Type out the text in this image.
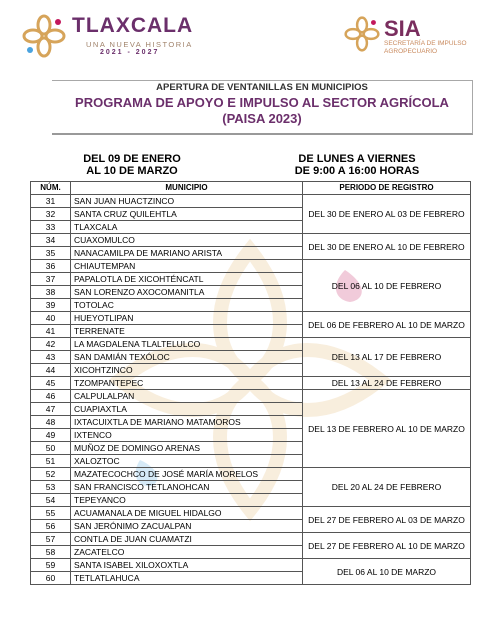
TLAXCALA
UNA NUEVA HISTORIA
2021 - 2027
SIA
SECRETARÍA DE IMPULSO AGROPECUARIO
APERTURA DE VENTANILLAS EN MUNICIPIOS
PROGRAMA DE APOYO E IMPULSO AL SECTOR AGRÍCOLA
(PAISA 2023)
DEL 09 DE ENERO
AL 10 DE MARZO
DE LUNES A VIERNES
DE 9:00 A 16:00 HORAS
NÚM.	MUNICIPIO	PERIODO DE REGISTRO
31	SAN JUAN HUACTZINCO	DEL 30 DE ENERO AL 03 DE FEBRERO
32	SANTA CRUZ QUILEHTLA	
33	TLAXCALA	
34	CUAXOMULCO	DEL 30 DE ENERO AL 10 DE FEBRERO
35	NANACAMILPA DE MARIANO ARISTA	
36	CHIAUTEMPAN	DEL 06 AL 10 DE FEBRERO
37	PAPALOTLA DE XICOHTÉNCATL	
38	SAN LORENZO AXOCOMANITLA	
39	TOTOLAC	
40	HUEYOTLIPAN	DEL 06 DE FEBRERO AL 10 DE MARZO
41	TERRENATE	
42	LA MAGDALENA TLALTELULCO	DEL 13 AL 17 DE FEBRERO
43	SAN DAMIÁN TEXÓLOC	
44	XICOHTZINCO	
45	TZOMPANTEPEC	DEL 13 AL 24 DE FEBRERO
46	CALPULALPAN	DEL 13 DE FEBRERO AL 10 DE MARZO
47	CUAPIAXTLA	
48	IXTACUIXTLA DE MARIANO MATAMOROS	
49	IXTENCO	
50	MUÑOZ DE DOMINGO ARENAS	
51	XALOZTOC	
52	MAZATECOCHCO DE JOSÉ MARÍA MORELOS	DEL 20 AL 24 DE FEBRERO
53	SAN FRANCISCO TETLANOHCAN	
54	TEPEYANCO	
55	ACUAMANALA DE MIGUEL HIDALGO	DEL 27 DE FEBRERO AL 03 DE MARZO
56	SAN JERÓNIMO ZACUALPAN	
57	CONTLA DE JUAN CUAMATZI	DEL 27 DE FEBRERO AL 10 DE MARZO
58	ZACATELCO	
59	SANTA ISABEL XILOXOXTLA	DEL 06 AL 10 DE MARZO
60	TETLATLAHUCA	
